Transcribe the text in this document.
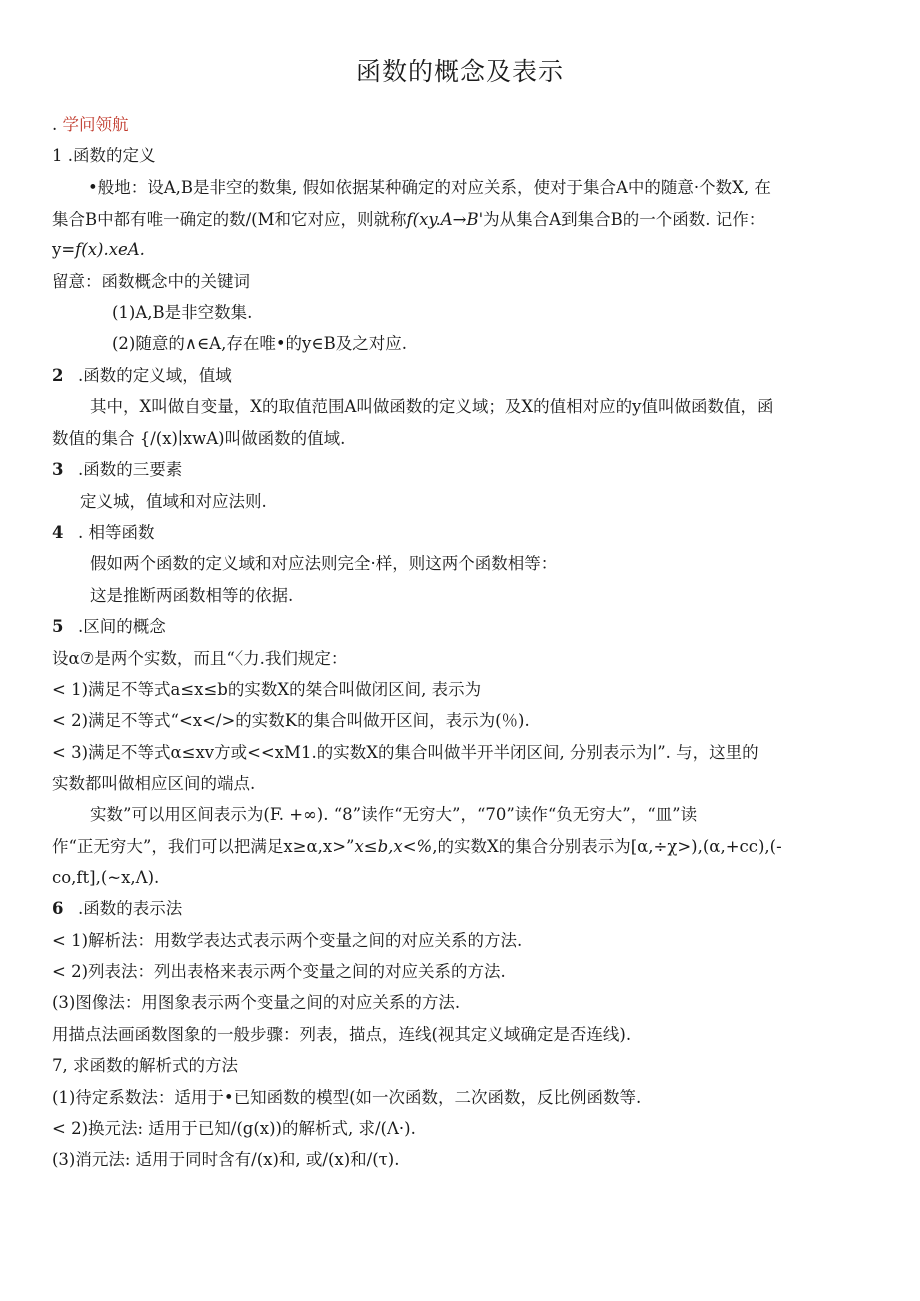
函数的概念及表示
. 学问领航
1 .函数的定义
•般地：设A,B是非空的数集, 假如依据某种确定的对应关系，使对于集合A中的随意·个数X, 在
集合B中都有唯一确定的数/(M和它对应，则就称f(xy.A→B'为从集合A到集合B的一个函数. 记作：
y=f(x).xeA.
留意：函数概念中的关键词
(1)A,B是非空数集.
(2)随意的∧∈A,存在唯•的y∈B及之对应.
2 .函数的定义域，值域
其中，X叫做自变量，X的取值范围A叫做函数的定义域；及X的值相对应的y值叫做函数值，函
数值的集合 {/(x)∣xwA)叫做函数的值域.
3 .函数的三要素
定义城，值域和对应法则.
4 . 相等函数
假如两个函数的定义域和对应法则完全·样，则这两个函数相等：
这是推断两函数相等的依据.
5 .区间的概念
设α⑦是两个实数，而且“〈力.我们规定：
< 1)满足不等式a≤x≤b的实数X的桀合叫做闭区间, 表示为
< 2)满足不等式“<x</>的实数K的集合叫做开区间，表示为(％).
< 3)满足不等式α≤xv方或<<xM1.的实数X的集合叫做半开半闭区间, 分别表示为∣”. 与，这里的
实数都叫做相应区间的端点.
实数”可以用区间表示为(F. +∞). “8”读作“无穷大”，“70”读作“负无穷大”，“皿”读
作“正无穷大”，我们可以把满足x≥α,x>”x≤b,x<%,的实数X的集合分别表示为[α,÷χ>),(α,+cc),(-
co,ft],(~x,Λ).
6 .函数的表示法
< 1)解析法：用数学表达式表示两个变量之间的对应关系的方法.
< 2)列表法：列出表格来表示两个变量之间的对应关系的方法.
(3)图像法：用图象表示两个变量之间的对应关系的方法.
用描点法画函数图象的一般步骤：列表，描点，连线(视其定义域确定是否连线).
7, 求函数的解析式的方法
(1)待定系数法：适用于•已知函数的模型(如一次函数，二次函数，反比例函数等.
< 2)换元法: 适用于已知/(g(x))的解析式, 求/(Λ·).
(3)消元法: 适用于同时含有/(x)和, 或/(x)和/(τ).
